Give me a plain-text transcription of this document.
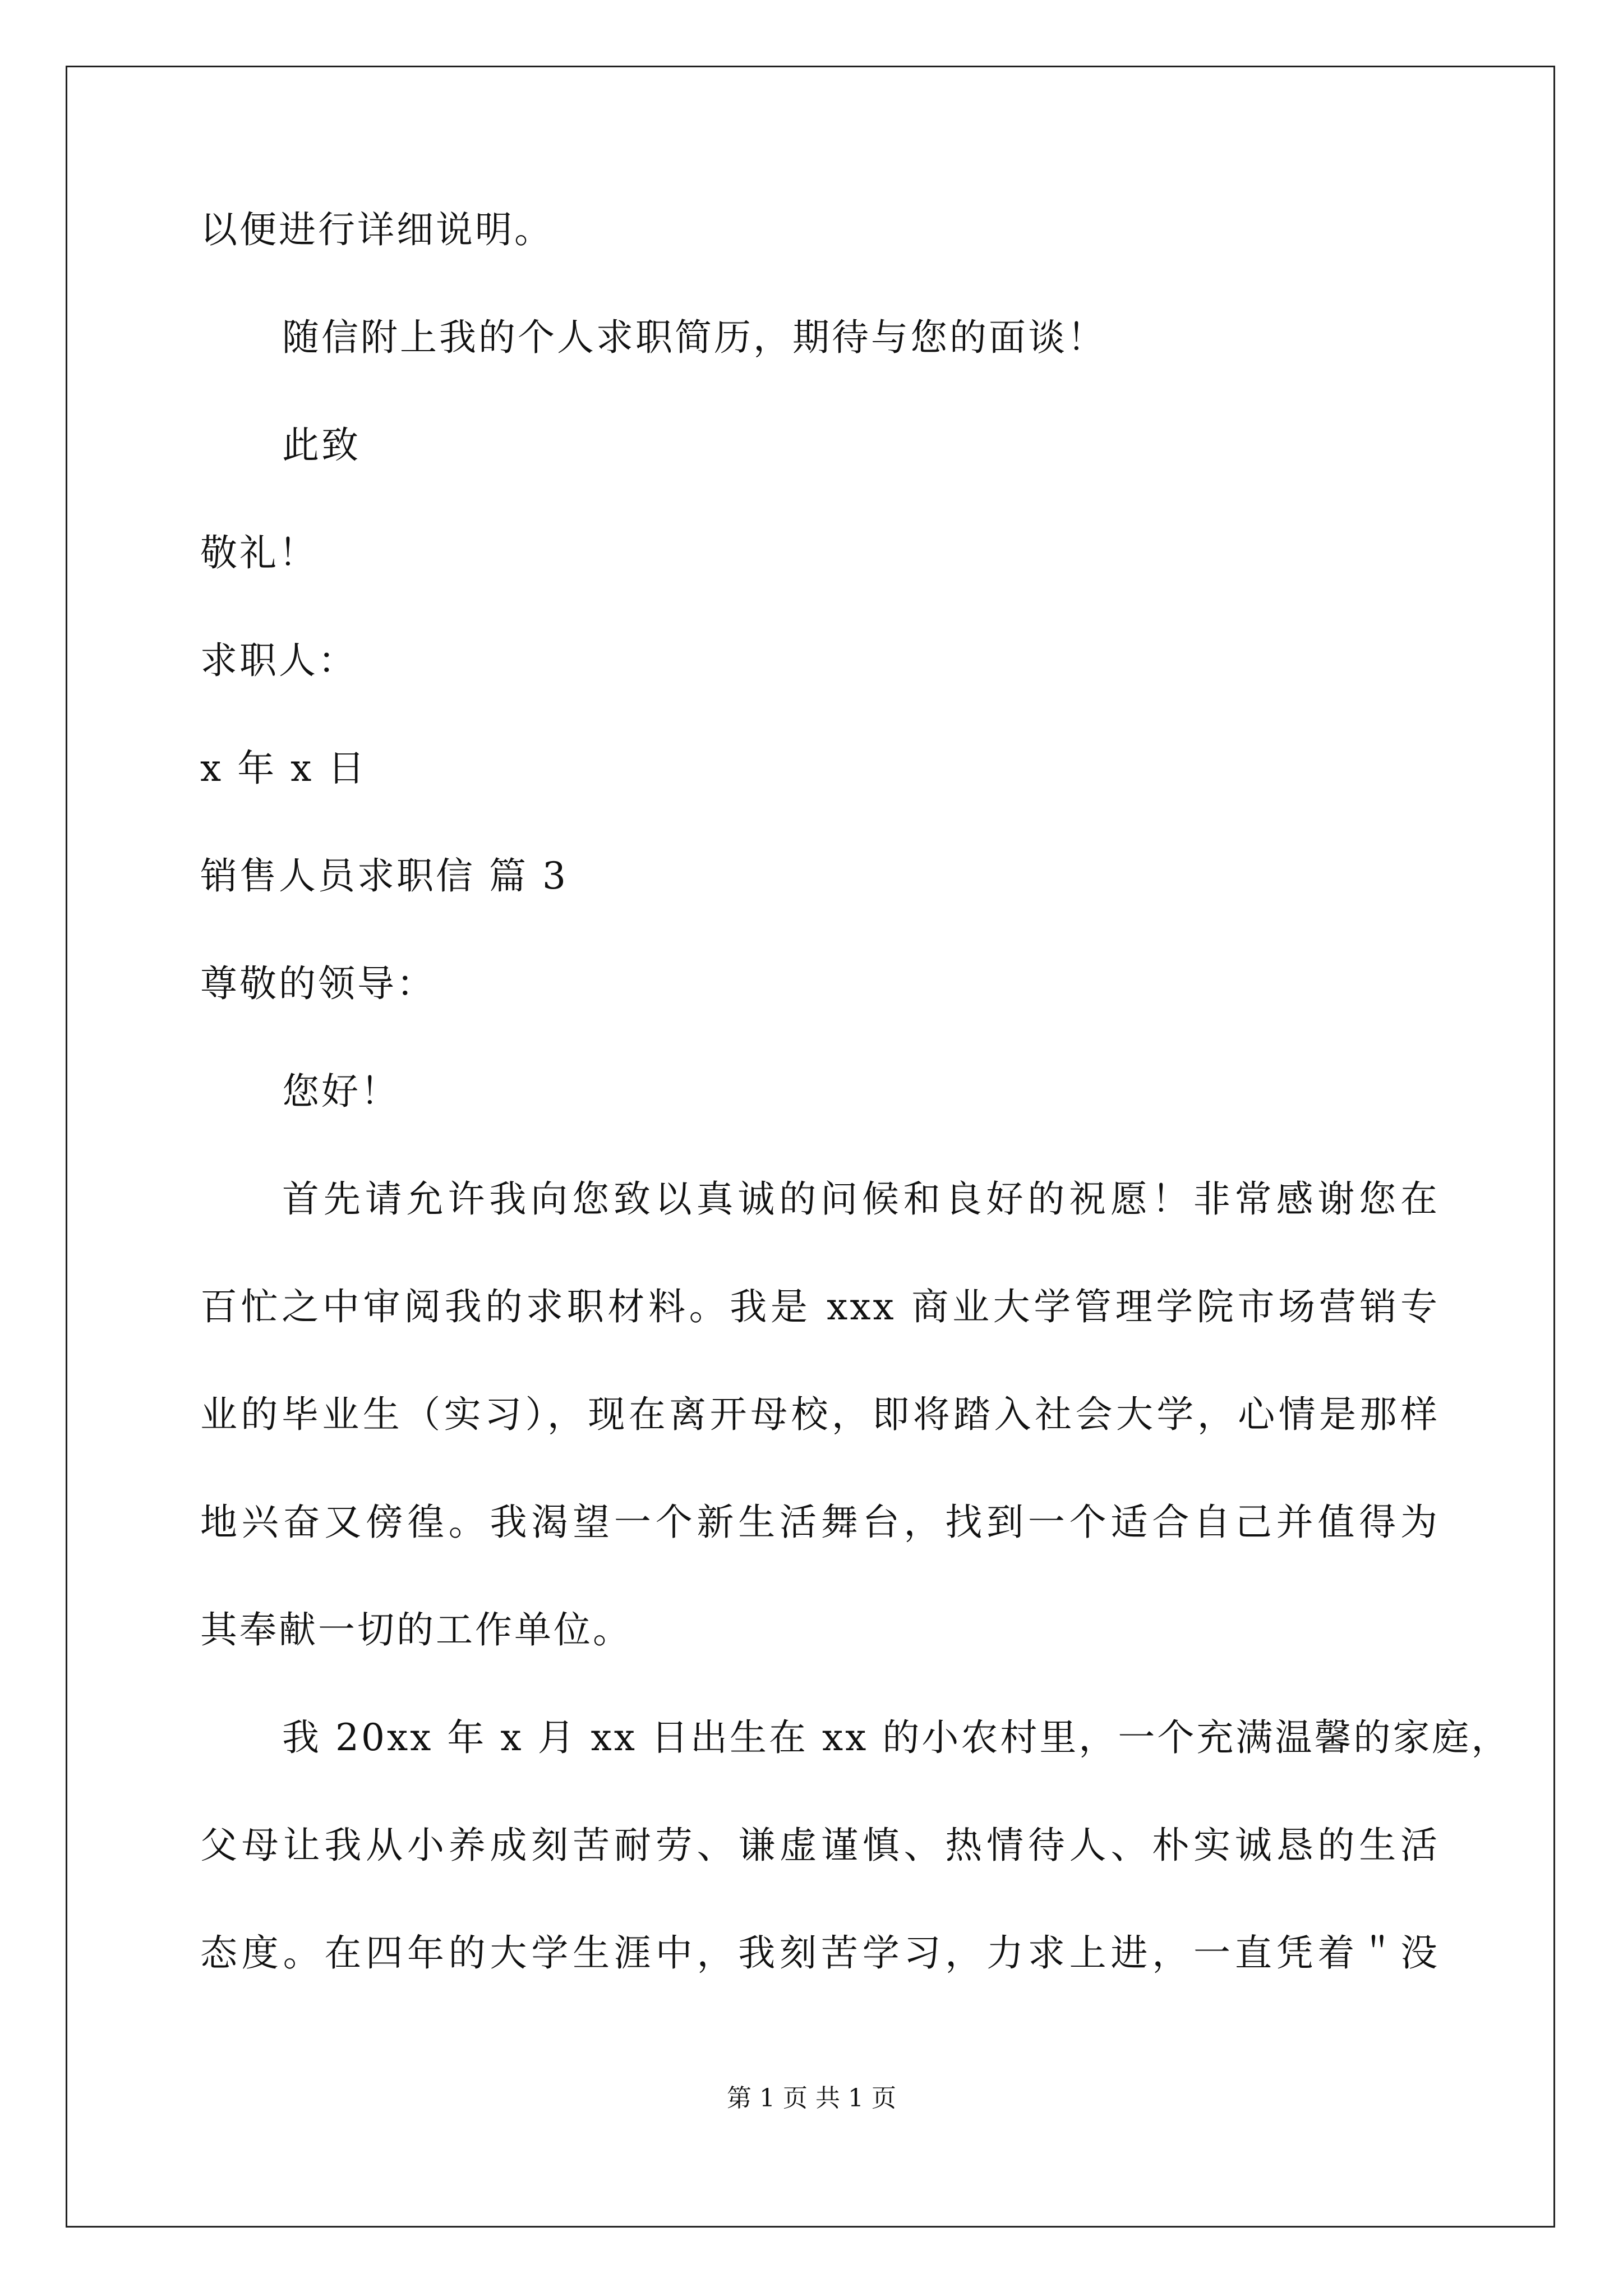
以便进行详细说明。
随信附上我的个人求职简历，期待与您的面谈！
此致
敬礼！
求职人：
x 年 x 日
销售人员求职信 篇 3
尊敬的领导：
您好！
首先请允许我向您致以真诚的问候和良好的祝愿！非常感谢您在
百忙之中审阅我的求职材料。我是 xxx 商业大学管理学院市场营销专
业的毕业生（实习），现在离开母校，即将踏入社会大学，心情是那样
地兴奋又傍徨。我渴望一个新生活舞台，找到一个适合自己并值得为
其奉献一切的工作单位。
我 20xx 年 x 月 xx 日出生在 xx 的小农村里，一个充满温馨的家庭，
父母让我从小养成刻苦耐劳、谦虚谨慎、热情待人、朴实诚恳的生活
态度。在四年的大学生涯中，我刻苦学习，力求上进，一直凭着＂没
第 1 页 共 1 页
